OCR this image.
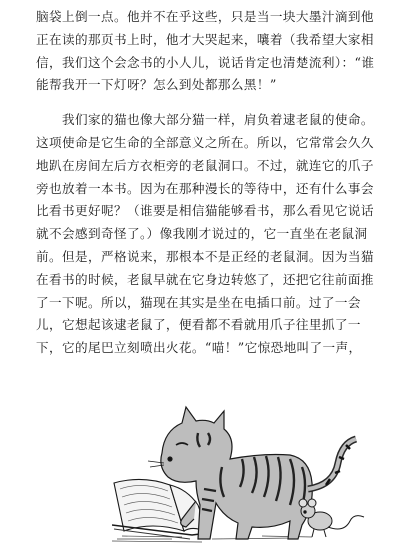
脑袋上倒一点。他并不在乎这些，只是当一块大墨汁滴到他
正在读的那页书上时，他才大哭起来，嚷着（我希望大家相
信，我们这个会念书的小人儿，说话肯定也清楚流利）：“谁
能帮我开一下灯呀？怎么到处都那么黑！”
我们家的猫也像大部分猫一样，肩负着逮老鼠的使命。
这项使命是它生命的全部意义之所在。所以，它常常会久久
地趴在房间左后方衣柜旁的老鼠洞口。不过，就连它的爪子
旁也放着一本书。因为在那种漫长的等待中，还有什么事会
比看书更好呢？（谁要是相信猫能够看书，那么看见它说话
就不会感到奇怪了。）像我刚才说过的，它一直坐在老鼠洞
前。但是，严格说来，那根本不是正经的老鼠洞。因为当猫
在看书的时候，老鼠早就在它身边转悠了，还把它往前面推
了一下呢。所以，猫现在其实是坐在电插口前。过了一会
儿，它想起该逮老鼠了，便看都不看就用爪子往里抓了一
下，它的尾巴立刻喷出火花。“喵！”它惊恐地叫了一声，
